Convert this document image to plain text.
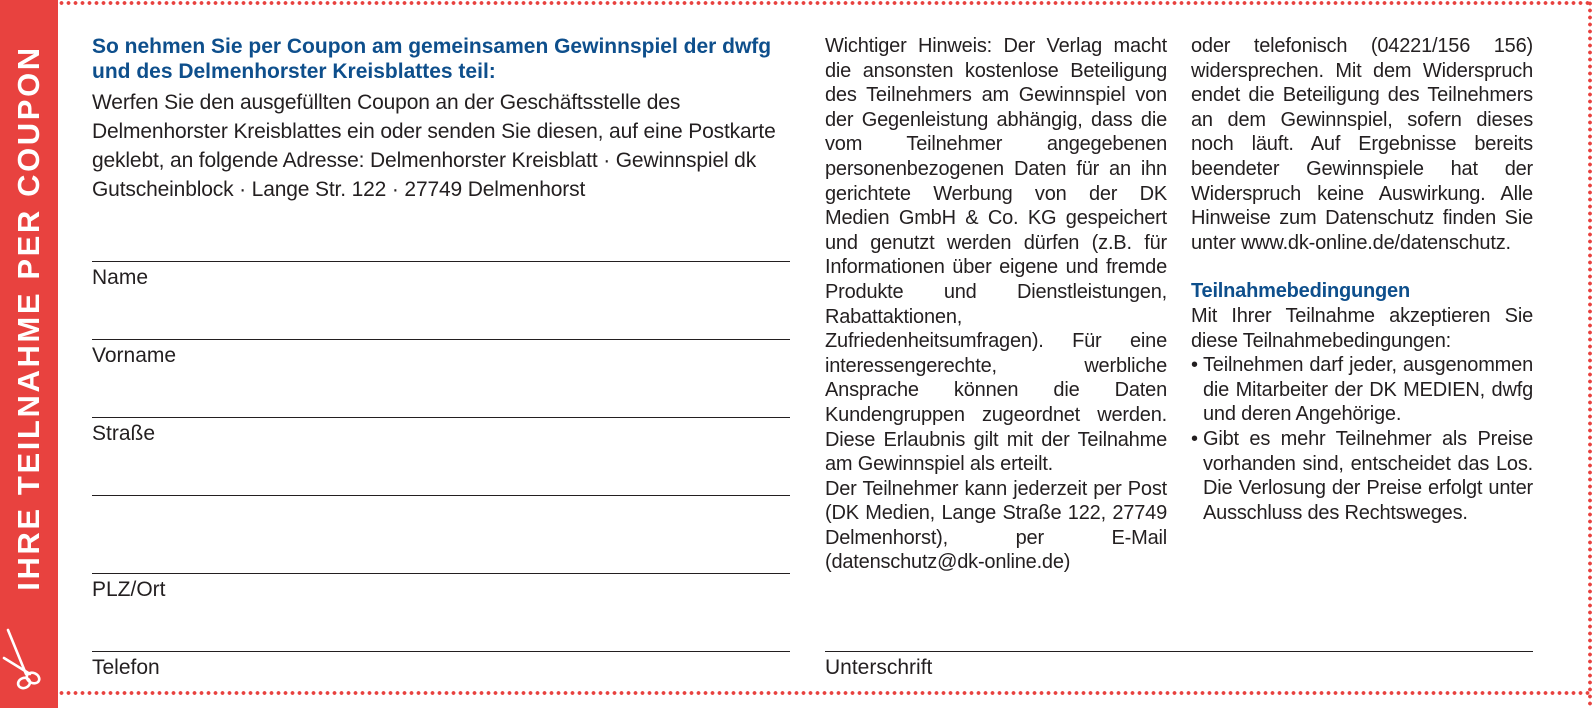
IHRE TEILNAHME PER COUPON So nehmen Sie per Coupon am gemeinsamen Gewinnspiel der dwfg und des Delmenhorster Kreisblattes teil:

Werfen Sie den ausgefüllten Coupon an der Geschäftsstelle des Delmenhorster Kreisblattes ein oder senden Sie diesen, auf eine Postkarte geklebt, an folgende Adresse: Delmenhorster Kreisblatt · Gewinnspiel dk Gutscheinblock · Lange Str. 122 · 27749 Delmenhorst

Name
Vorname
Straße
PLZ/Ort
Telefon	Unterschrift

Wichtiger Hinweis: Der Verlag macht die ansonsten kostenlose Beteiligung des Teilnehmers am Gewinnspiel von der Gegenleistung abhängig, dass die vom Teilnehmer angegebenen personenbezogenen Daten für an ihn gerichtete Werbung von der DK Medien GmbH & Co. KG gespeichert und genutzt werden dürfen (z.B. für Informationen über eigene und fremde Produkte und Dienstleistungen, Rabattaktionen, Zufriedenheitsumfragen). Für eine interessengerechte, werbliche Ansprache können die Daten Kundengruppen zugeordnet werden. Diese Erlaubnis gilt mit der Teilnahme am Gewinnspiel als erteilt.

Der Teilnehmer kann jederzeit per Post (DK Medien, Lange Straße 122, 27749 Delmenhorst), per E-Mail (datenschutz@dk-online.de)

oder telefonisch (04221/156 156) widersprechen. Mit dem Widerspruch endet die Beteiligung des Teilnehmers an dem Gewinnspiel, sofern dieses noch läuft. Auf Ergebnisse bereits beendeter Gewinnspiele hat der Widerspruch keine Auswirkung. Alle Hinweise zum Datenschutz finden Sie unter www.dk-online.de/datenschutz.

Teilnahmebedingungen

Mit Ihrer Teilnahme akzeptieren Sie diese Teilnahmebedingungen:

• Teilnehmen darf jeder, ausgenommen die Mitarbeiter der DK MEDIEN, dwfg und deren Angehörige.
• Gibt es mehr Teilnehmer als Preise vorhanden sind, entscheidet das Los. Die Verlosung der Preise erfolgt unter Ausschluss des Rechtsweges.
